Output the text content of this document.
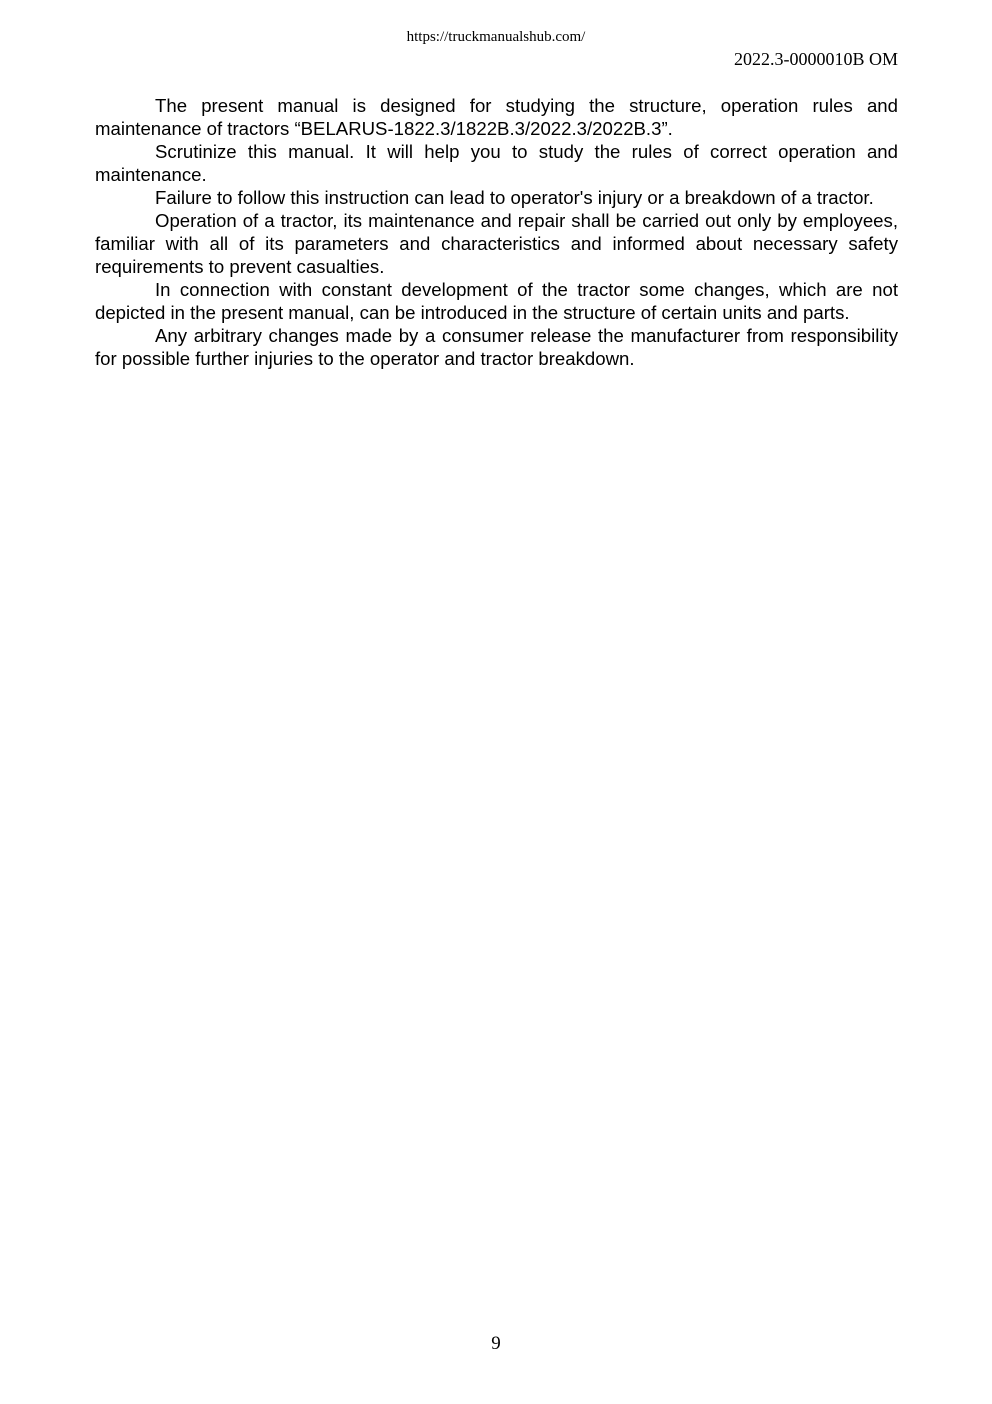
https://truckmanualshub.com/
2022.3-0000010B OM

The present manual is designed for studying the structure, operation rules and maintenance of tractors “BELARUS-1822.3/1822B.3/2022.3/2022B.3”.

Scrutinize this manual. It will help you to study the rules of correct operation and maintenance.

Failure to follow this instruction can lead to operator's injury or a breakdown of a tractor.

Operation of a tractor, its maintenance and repair shall be carried out only by employees, familiar with all of its parameters and characteristics and informed about necessary safety requirements to prevent casualties.

In connection with constant development of the tractor some changes, which are not depicted in the present manual, can be introduced in the structure of certain units and parts.

Any arbitrary changes made by a consumer release the manufacturer from responsibility for possible further injuries to the operator and tractor breakdown.

9
